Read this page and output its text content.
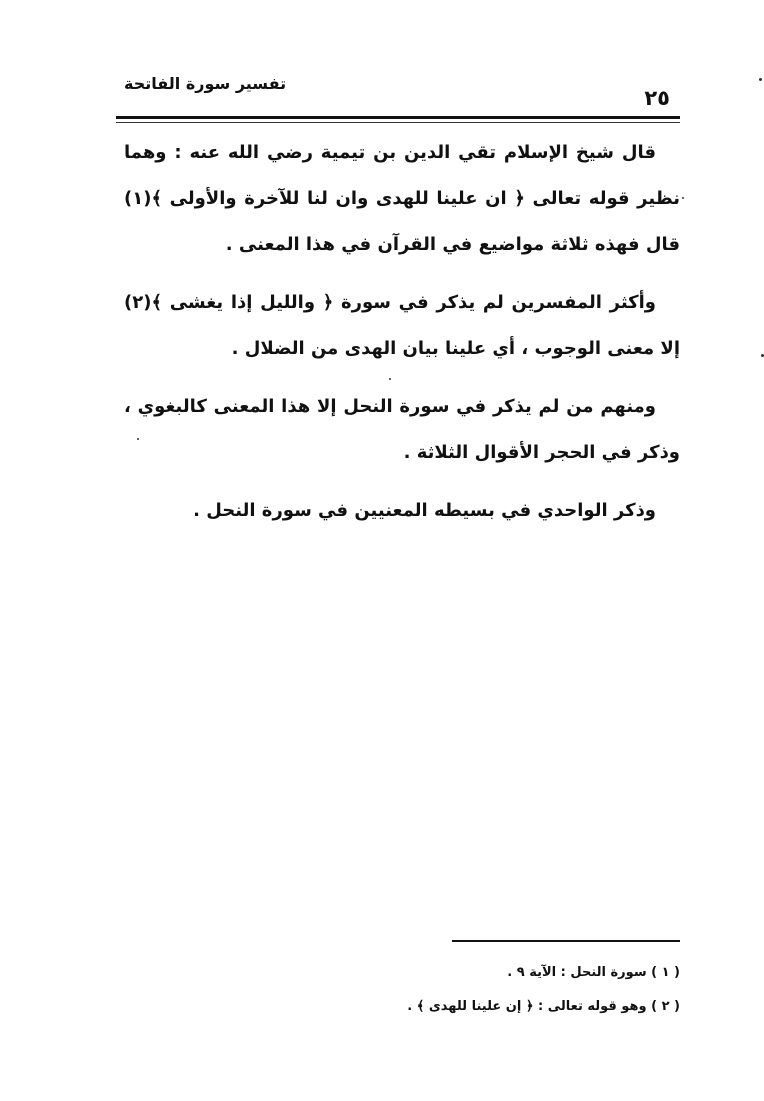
٢٥
تفسير سورة الفاتحة

قال شيخ الإسلام تقي الدين بن تيمية رضي الله عنه : وهما نظير قوله تعالى ﴿ ان علينا للهدى وان لنا للآخرة والأولى ﴾(١) قال فهذه ثلاثة مواضيع في القرآن في هذا المعنى .

وأكثر المفسرين لم يذكر في سورة ﴿ والليل إذا يغشى ﴾(٢) إلا معنى الوجوب ، أي علينا بيان الهدى من الضلال .

ومنهم من لم يذكر في سورة النحل إلا هذا المعنى كالبغوي ، وذكر في الحجر الأقوال الثلاثة .

وذكر الواحدي في بسيطه المعنيين في سورة النحل .

( ١ ) سورة النحل : الآية ٩ .

( ٢ ) وهو قوله تعالى : ﴿ إن علينا للهدى ﴾ .
